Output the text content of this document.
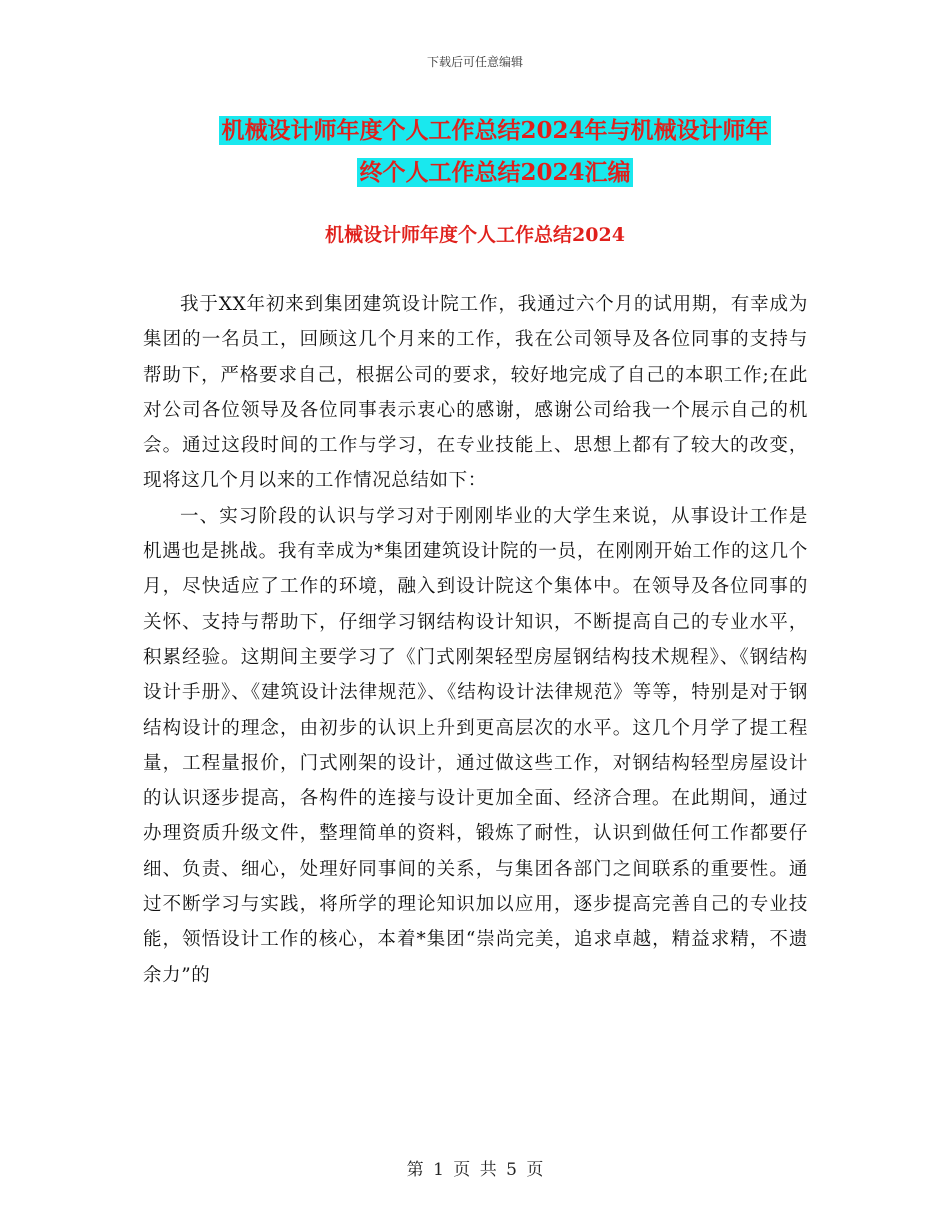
下载后可任意编辑
机械设计师年度个人工作总结2024年与机械设计师年
终个人工作总结2024汇编
机械设计师年度个人工作总结2024

我于XX年初来到集团建筑设计院工作，我通过六个月的试用期，有幸成为集团的一名员工，回顾这几个月来的工作，我在公司领导及各位同事的支持与帮助下，严格要求自己，根据公司的要求，较好地完成了自己的本职工作;在此对公司各位领导及各位同事表示衷心的感谢，感谢公司给我一个展示自己的机会。通过这段时间的工作与学习，在专业技能上、思想上都有了较大的改变，现将这几个月以来的工作情况总结如下：

一、实习阶段的认识与学习对于刚刚毕业的大学生来说，从事设计工作是机遇也是挑战。我有幸成为*集团建筑设计院的一员，在刚刚开始工作的这几个月，尽快适应了工作的环境，融入到设计院这个集体中。在领导及各位同事的关怀、支持与帮助下，仔细学习钢结构设计知识，不断提高自己的专业水平，积累经验。这期间主要学习了《门式刚架轻型房屋钢结构技术规程》、《钢结构设计手册》、《建筑设计法律规范》、《结构设计法律规范》等等，特别是对于钢结构设计的理念，由初步的认识上升到更高层次的水平。这几个月学了提工程量，工程量报价，门式刚架的设计，通过做这些工作，对钢结构轻型房屋设计的认识逐步提高，各构件的连接与设计更加全面、经济合理。在此期间，通过办理资质升级文件，整理简单的资料，锻炼了耐性，认识到做任何工作都要仔细、负责、细心，处理好同事间的关系，与集团各部门之间联系的重要性。通过不断学习与实践，将所学的理论知识加以应用，逐步提高完善自己的专业技能，领悟设计工作的核心，本着*集团“崇尚完美，追求卓越，精益求精，不遗余力”的

第 1 页 共 5 页
